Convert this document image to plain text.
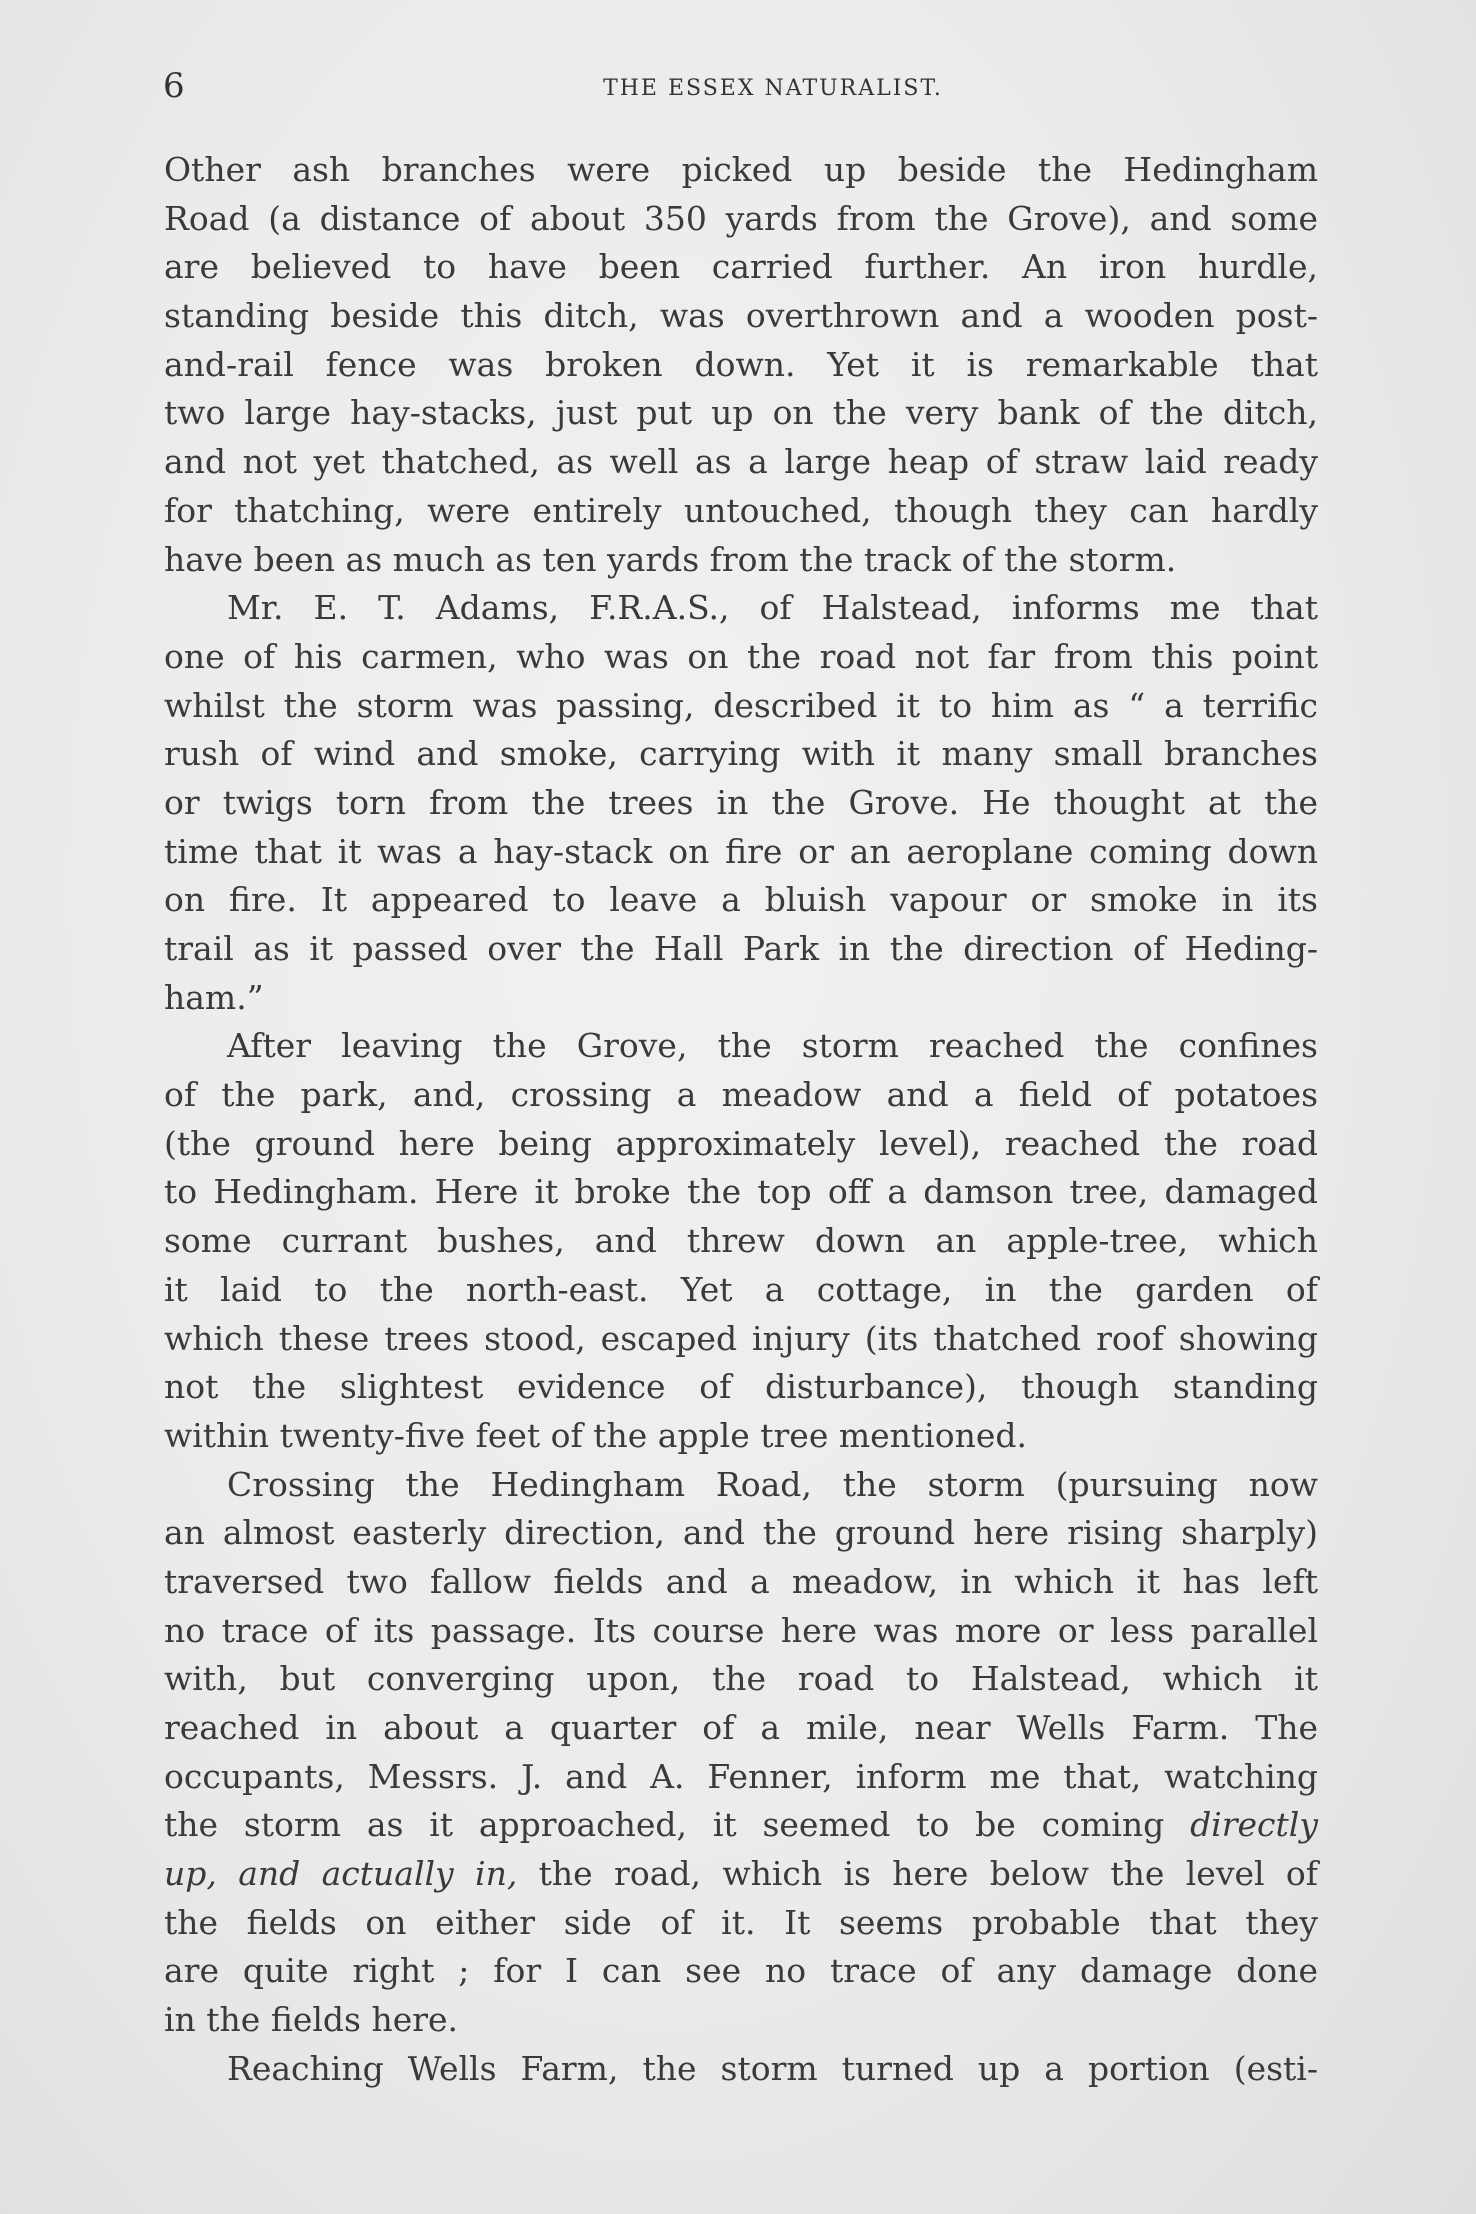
6	THE ESSEX NATURALIST.
Other ash branches were picked up beside the Hedingham
Road (a distance of about 350 yards from the Grove), and some
are believed to have been carried further. An iron hurdle,
standing beside this ditch, was overthrown and a wooden post-
and-rail fence was broken down. Yet it is remarkable that
two large hay-stacks, just put up on the very bank of the ditch,
and not yet thatched, as well as a large heap of straw laid ready
for thatching, were entirely untouched, though they can hardly
have been as much as ten yards from the track of the storm.
Mr. E. T. Adams, F.R.A.S., of Halstead, informs me that
one of his carmen, who was on the road not far from this point
whilst the storm was passing, described it to him as “ a terrific
rush of wind and smoke, carrying with it many small branches
or twigs torn from the trees in the Grove. He thought at the
time that it was a hay-stack on fire or an aeroplane coming down
on fire. It appeared to leave a bluish vapour or smoke in its
trail as it passed over the Hall Park in the direction of Heding-
ham.”
After leaving the Grove, the storm reached the confines
of the park, and, crossing a meadow and a field of potatoes
(the ground here being approximately level), reached the road
to Hedingham. Here it broke the top off a damson tree, damaged
some currant bushes, and threw down an apple-tree, which
it laid to the north-east. Yet a cottage, in the garden of
which these trees stood, escaped injury (its thatched roof showing
not the slightest evidence of disturbance), though standing
within twenty-five feet of the apple tree mentioned.
Crossing the Hedingham Road, the storm (pursuing now
an almost easterly direction, and the ground here rising sharply)
traversed two fallow fields and a meadow, in which it has left
no trace of its passage. Its course here was more or less parallel
with, but converging upon, the road to Halstead, which it
reached in about a quarter of a mile, near Wells Farm. The
occupants, Messrs. J. and A. Fenner, inform me that, watching
the storm as it approached, it seemed to be coming directly
up, and actually in, the road, which is here below the level of
the fields on either side of it. It seems probable that they
are quite right ; for I can see no trace of any damage done
in the fields here.
Reaching Wells Farm, the storm turned up a portion (esti-
